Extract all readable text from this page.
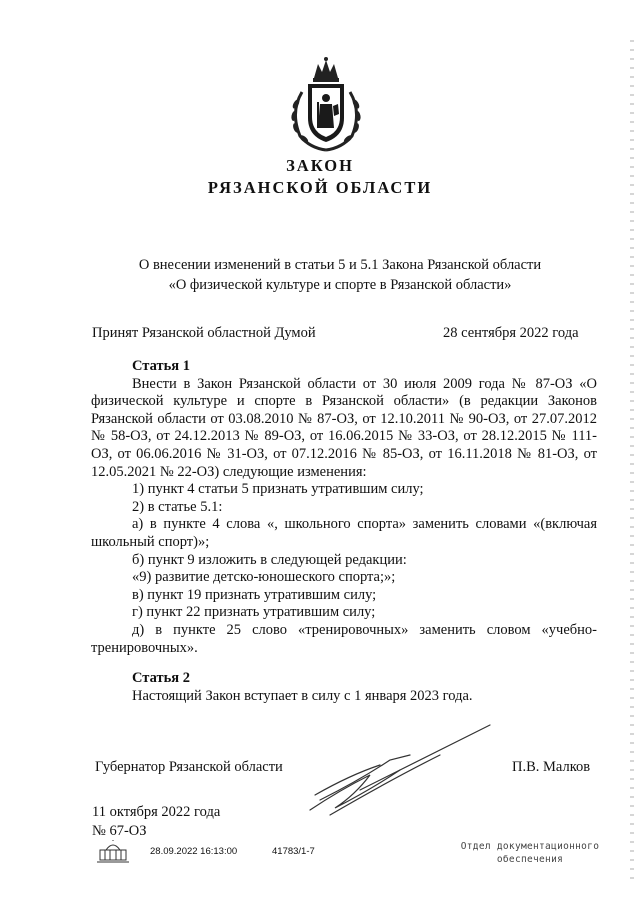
ЗАКОН
РЯЗАНСКОЙ ОБЛАСТИ
О внесении изменений в статьи 5 и 5.1 Закона Рязанской области
«О физической культуре и спорте в Рязанской области»
Принят Рязанской областной Думой	28 сентября 2022 года
Статья 1

Внести в Закон Рязанской области от 30 июля 2009 года № 87-ОЗ «О физической культуре и спорте в Рязанской области» (в редакции Законов Рязанской области от 03.08.2010 № 87-ОЗ, от 12.10.2011 № 90-ОЗ, от 27.07.2012 № 58-ОЗ, от 24.12.2013 № 89-ОЗ, от 16.06.2015 № 33-ОЗ, от 28.12.2015 № 111-ОЗ, от 06.06.2016 № 31-ОЗ, от 07.12.2016 № 85-ОЗ, от 16.11.2018 № 81-ОЗ, от 12.05.2021 № 22-ОЗ) следующие изменения:

1) пункт 4 статьи 5 признать утратившим силу;

2) в статье 5.1:

а) в пункте 4 слова «, школьного спорта» заменить словами «(включая школьный спорт)»;

б) пункт 9 изложить в следующей редакции:

«9) развитие детско-юношеского спорта;»;

в) пункт 19 признать утратившим силу;

г) пункт 22 признать утратившим силу;

д) в пункте 25 слово «тренировочных» заменить словом «учебно-тренировочных».

Статья 2

Настоящий Закон вступает в силу с 1 января 2023 года.

Губернатор Рязанской области	П.В. Малков
11 октября 2022 года
№ 67-ОЗ
28.09.2022 16:13:00	41783/1-7	Отдел документационного
обеспечения
